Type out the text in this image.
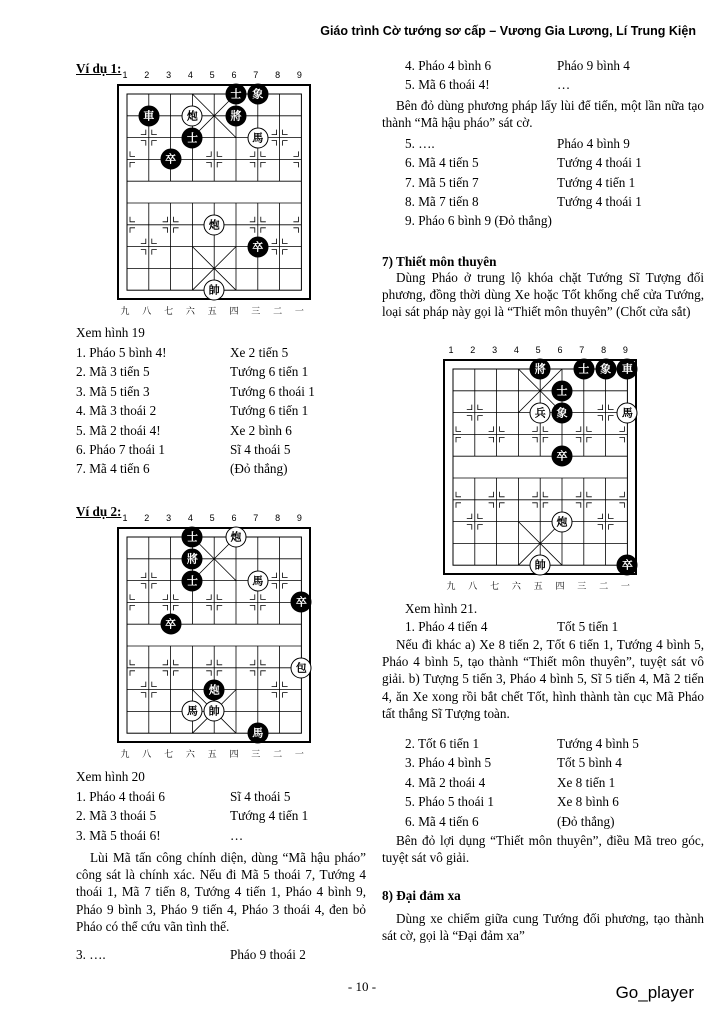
Giáo trình Cờ tướng sơ cấp – Vương Gia Lương, Lí Trung Kiện
Ví dụ 1: 1 2 3 4 5 6 7 8 9
士 象
車	炮	將
士	馬
卒
炮
卒
帥
九 八 七 六 五 四 三 二 一
Xem hình 19
1. Pháo 5 bình 4!	Xe 2 tiến 5
2. Mã 3 tiến 5	Tướng 6 tiến 1
3. Mã 5 tiến 3	Tướng 6 thoái 1
4. Mã 3 thoái 2	Tướng 6 tiến 1
5. Mã 2 thoái 4!	Xe 2 bình 6
6. Pháo 7 thoái 1	Sĩ 4 thoái 5
7. Mã 4 tiến 6	(Đỏ thắng)
Ví dụ 2: 1 2 3 4 5 6 7 8 9
士	炮
將
士	馬
卒
卒
包
炮
帥
馬
馬
九 八 七 六 五 四 三 二 一
Xem hình 20
1. Pháo 4 thoái 6	Sĩ 4 thoái 5
2. Mã 3 thoái 5	Tướng 4 tiến 1
3. Mã 5 thoái 6!	…
Lùi Mã tấn công chính diện, dùng “Mã hậu pháo” công sát là chính xác. Nếu đi Mã 5 thoái 7, Tướng 4 thoái 1, Mã 7 tiến 8, Tướng 4 tiến 1, Pháo 4 bình 9, Pháo 9 bình 3, Pháo 9 tiến 4, Pháo 3 thoái 4, đen bỏ Pháo có thể cứu vãn tình thế.
3. ….	Pháo 9 thoái 2
4. Pháo 4 bình 6	Pháo 9 bình 4
5. Mã 6 thoái 4!	…
Bên đỏ dùng phương pháp lấy lùi để tiến, một lần nữa tạo thành “Mã hậu pháo” sát cờ.
5. ….	Pháo 4 bình 9
6. Mã 4 tiến 5	Tướng 4 thoái 1
7. Mã 5 tiến 7	Tướng 4 tiến 1
8. Mã 7 tiến 8	Tướng 4 thoái 1
9. Pháo 6 bình 9 (Đỏ thắng)
7) Thiết môn thuyên
Dùng Pháo ở trung lộ khóa chặt Tướng Sĩ Tượng đối phương, đồng thời dùng Xe hoặc Tốt khống chế cửa Tướng, loại sát pháp này gọi là “Thiết môn thuyên” (Chốt cửa sắt)
1 2 3 4 5 6 7 8 9
將	士 象 車
士
兵 象	馬
卒
炮
帥	卒
九 八 七 六 五 四 三 二 一
Xem hình 21.
1. Pháo 4 tiến 4	Tốt 5 tiến 1
Nếu đi khác a) Xe 8 tiến 2, Tốt 6 tiến 1, Tướng 4 bình 5, Pháo 4 bình 5, tạo thành “Thiết môn thuyên”, tuyệt sát vô giải. b) Tượng 5 tiến 3, Pháo 4 bình 5, Sĩ 5 tiến 4, Mã 2 tiến 4, ăn Xe xong rồi bắt chết Tốt, hình thành tàn cục Mã Pháo tất thắng Sĩ Tượng toàn.
2. Tốt 6 tiến 1	Tướng 4 bình 5
3. Pháo 4 bình 5	Tốt 5 bình 4
4. Mã 2 thoái 4	Xe 8 tiến 1
5. Pháo 5 thoái 1	Xe 8 bình 6
6. Mã 4 tiến 6	(Đỏ thắng)
Bên đỏ lợi dụng “Thiết môn thuyên”, điều Mã treo góc, tuyệt sát vô giải.
8) Đại đảm xa
Dùng xe chiếm giữa cung Tướng đối phương, tạo thành sát cờ, gọi là “Đại đảm xa”
- 10 -	Go_player
